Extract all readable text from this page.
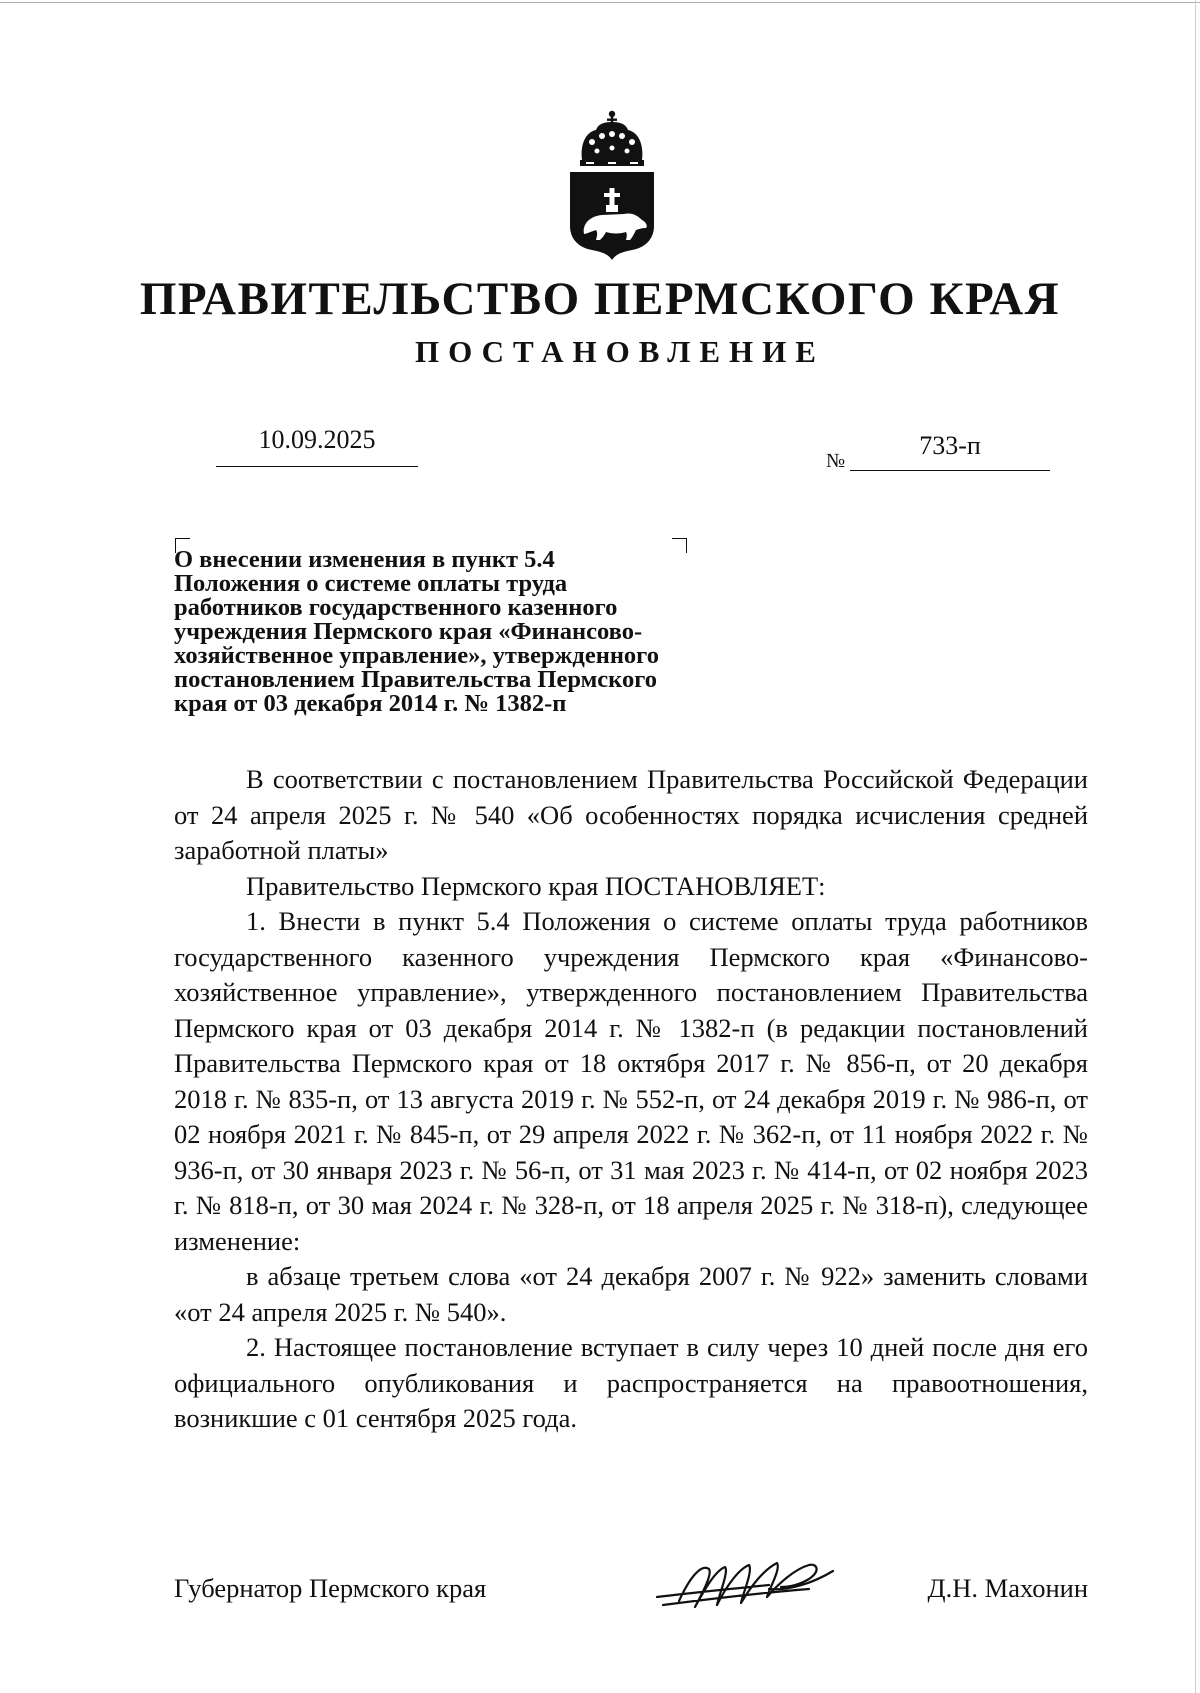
ПРАВИТЕЛЬСТВО ПЕРМСКОГО КРАЯ
ПОСТАНОВЛЕНИЕ
10.09.2025
№
733-п
О внесении изменения в пункт 5.4
Положения о системе оплаты труда
работников государственного казенного
учреждения Пермского края «Финансово-
хозяйственное управление», утвержденного
постановлением Правительства Пермского
края от 03 декабря 2014 г. № 1382-п

В соответствии с постановлением Правительства Российской Федерации от 24 апреля 2025 г. № 540 «Об особенностях порядка исчисления средней заработной платы»

Правительство Пермского края ПОСТАНОВЛЯЕТ:

1. Внести в пункт 5.4 Положения о системе оплаты труда работников государственного казенного учреждения Пермского края «Финансово-хозяйственное управление», утвержденного постановлением Правительства Пермского края от 03 декабря 2014 г. № 1382-п (в редакции постановлений Правительства Пермского края от 18 октября 2017 г. № 856-п, от 20 декабря 2018 г. № 835-п, от 13 августа 2019 г. № 552-п, от 24 декабря 2019 г. № 986-п, от 02 ноября 2021 г. № 845-п, от 29 апреля 2022 г. № 362-п, от 11 ноября 2022 г. № 936-п, от 30 января 2023 г. № 56-п, от 31 мая 2023 г. № 414-п, от 02 ноября 2023 г. № 818-п, от 30 мая 2024 г. № 328-п, от 18 апреля 2025 г. № 318-п), следующее изменение:

в абзаце третьем слова «от 24 декабря 2007 г. № 922» заменить словами «от 24 апреля 2025 г. № 540».

2. Настоящее постановление вступает в силу через 10 дней после дня его официального опубликования и распространяется на правоотношения, возникшие с 01 сентября 2025 года.

Губернатор Пермского края	Д.Н. Махонин
